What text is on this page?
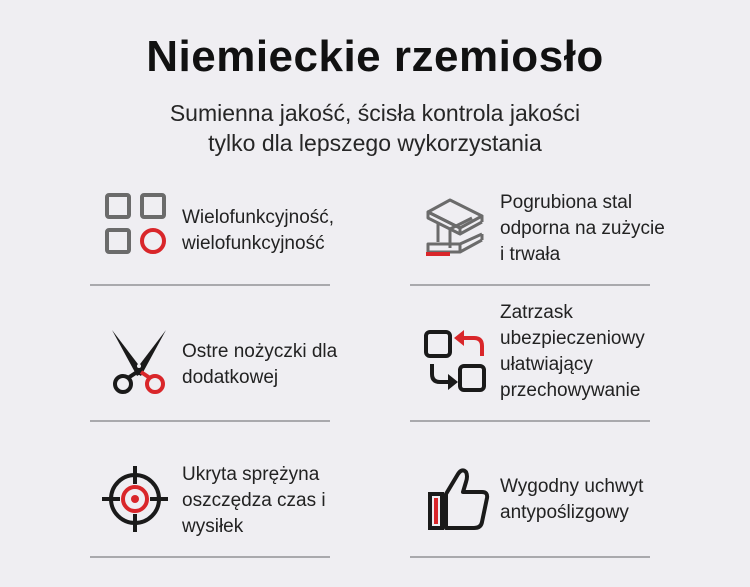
Niemieckie rzemiosło
Sumienna jakość, ścisła kontrola jakości
tylko dla lepszego wykorzystania
Wielofunkcyjność,
wielofunkcyjność
Pogrubiona stal
odporna na zużycie
i trwała
Ostre nożyczki dla
dodatkowej
Zatrzask
ubezpieczeniowy
ułatwiający
przechowywanie
Ukryta sprężyna
oszczędza czas i
wysiłek
Wygodny uchwyt
antypoślizgowy
